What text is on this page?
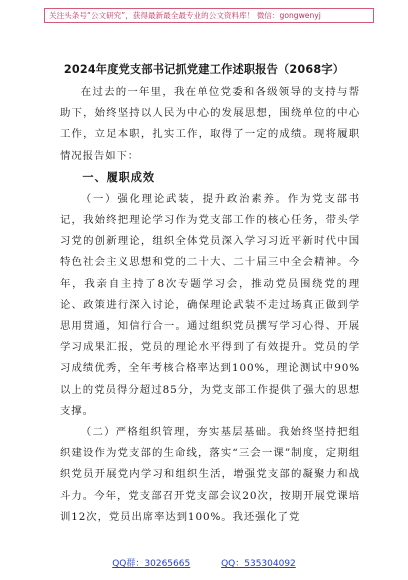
关注头条号“公文研究”，获得最新最全最专业的公文资料库！ 微信：gongwenyj
2024年度党支部书记抓党建工作述职报告（2068字）

在过去的一年里，我在单位党委和各级领导的支持与帮助下，始终坚持以人民为中心的发展思想，围绕单位的中心工作，立足本职，扎实工作，取得了一定的成绩。现将履职情况报告如下：

一、履职成效

（一）强化理论武装，提升政治素养。作为党支部书记，我始终把理论学习作为党支部工作的核心任务，带头学习党的创新理论，组织全体党员深入学习习近平新时代中国特色社会主义思想和党的二十大、二十届三中全会精神。今年，我亲自主持了8次专题学习会，推动党员围绕党的理论、政策进行深入讨论，确保理论武装不走过场真正做到学思用贯通，知信行合一。通过组织党员撰写学习心得、开展学习成果汇报，党员的理论水平得到了有效提升。党员的学习成绩优秀，全年考核合格率达到100%，理论测试中90%以上的党员得分超过85分，为党支部工作提供了强大的思想支撑。

（二）严格组织管理，夯实基层基础。我始终坚持把组织建设作为党支部的生命线，落实“三会一课”制度，定期组织党员开展党内学习和组织生活，增强党支部的凝聚力和战斗力。今年，党支部召开党支部会议20次，按期开展党课培训12次，党员出席率达到100%。我还强化了党

QQ群：30265665	QQ：535304092
